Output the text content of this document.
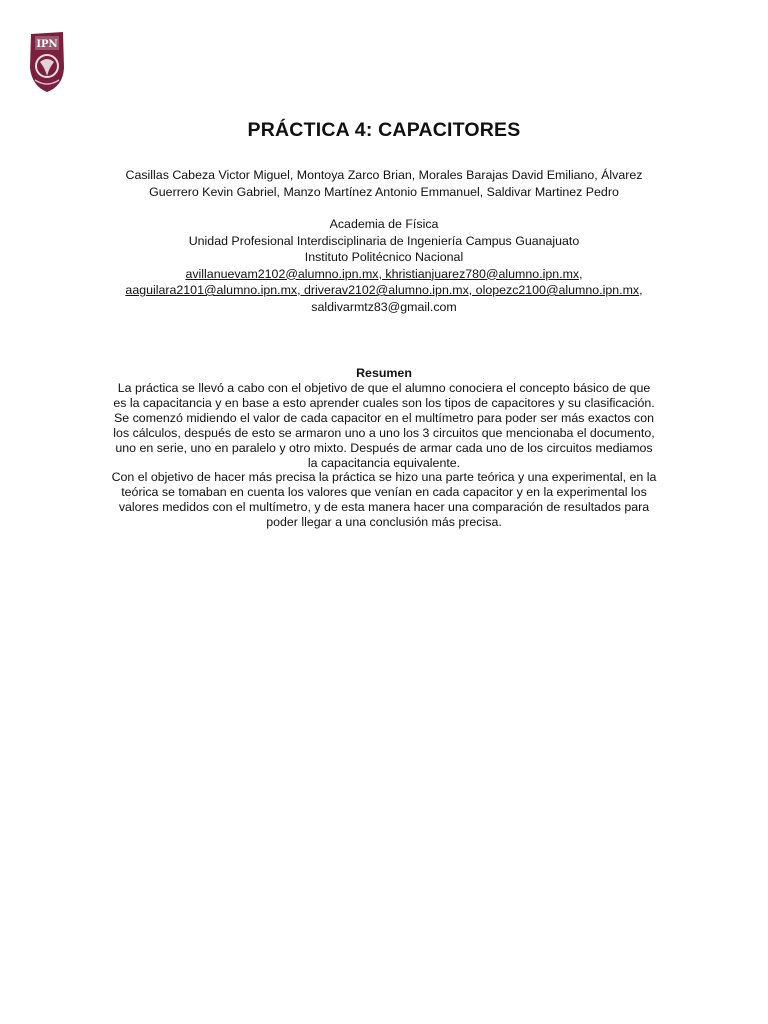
IPN
PRÁCTICA 4: CAPACITORES
Casillas Cabeza Victor Miguel, Montoya Zarco Brian, Morales Barajas David Emiliano, Álvarez
Guerrero Kevin Gabriel, Manzo Martínez Antonio Emmanuel, Saldivar Martinez Pedro
Academia de Física
Unidad Profesional Interdisciplinaria de Ingeniería Campus Guanajuato
Instituto Politécnico Nacional
avillanuevam2102@alumno.ipn.mx, khristianjuarez780@alumno.ipn.mx,
aaguilara2101@alumno.ipn.mx, driverav2102@alumno.ipn.mx, olopezc2100@alumno.ipn.mx,
saldivarmtz83@gmail.com
Resumen
La práctica se llevó a cabo con el objetivo de que el alumno conociera el concepto básico de que
es la capacitancia y en base a esto aprender cuales son los tipos de capacitores y su clasificación.
Se comenzó midiendo el valor de cada capacitor en el multímetro para poder ser más exactos con
los cálculos, después de esto se armaron uno a uno los 3 circuitos que mencionaba el documento,
uno en serie, uno en paralelo y otro mixto. Después de armar cada uno de los circuitos mediamos
la capacitancia equivalente.
Con el objetivo de hacer más precisa la práctica se hizo una parte teórica y una experimental, en la
teórica se tomaban en cuenta los valores que venían en cada capacitor y en la experimental los
valores medidos con el multímetro, y de esta manera hacer una comparación de resultados para
poder llegar a una conclusión más precisa.
